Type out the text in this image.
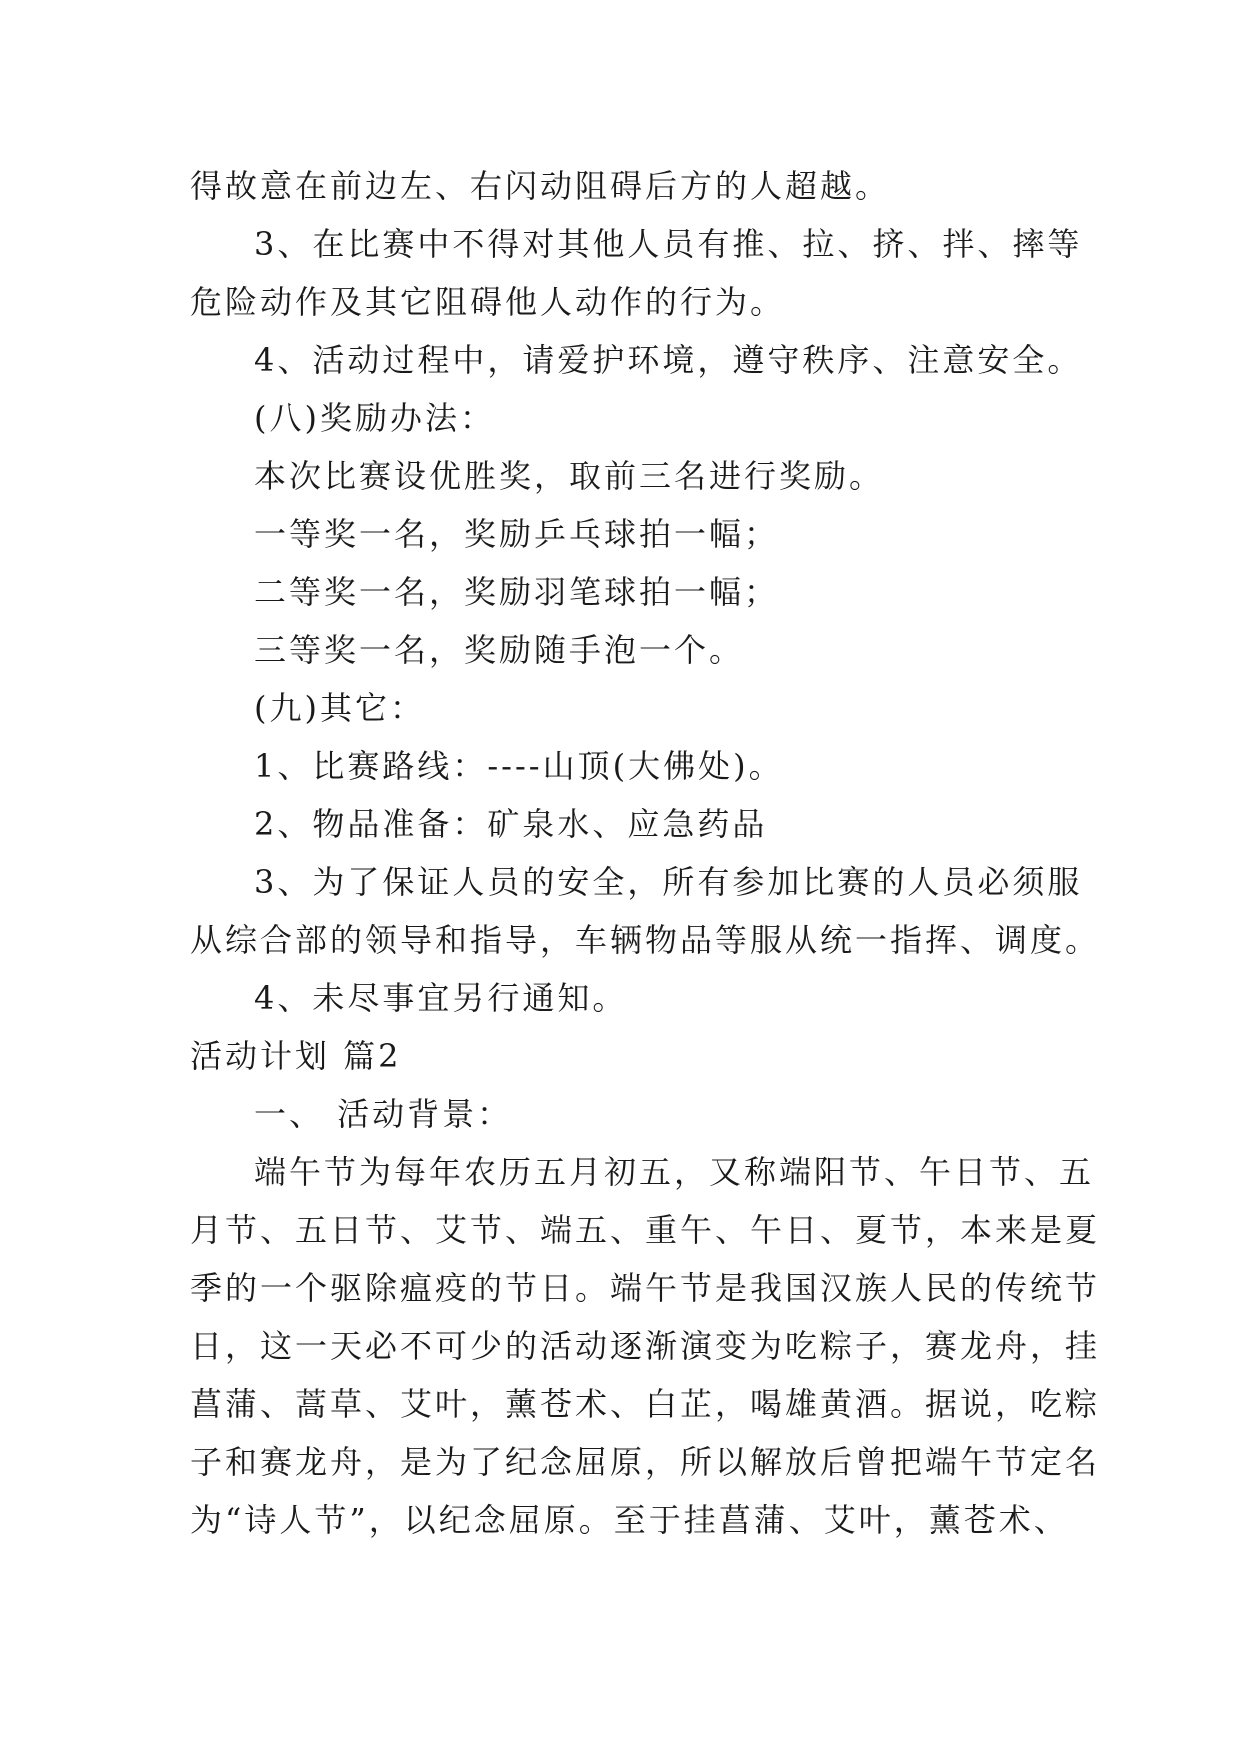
得故意在前边左、右闪动阻碍后方的人超越。
3、在比赛中不得对其他人员有推、拉、挤、拌、摔等
危险动作及其它阻碍他人动作的行为。
4、活动过程中，请爱护环境，遵守秩序、注意安全。
(八)奖励办法：
本次比赛设优胜奖，取前三名进行奖励。
一等奖一名，奖励乒乓球拍一幅；
二等奖一名，奖励羽笔球拍一幅；
三等奖一名，奖励随手泡一个。
(九)其它：
1、比赛路线：----山顶(大佛处)。
2、物品准备：矿泉水、应急药品
3、为了保证人员的安全，所有参加比赛的人员必须服
从综合部的领导和指导，车辆物品等服从统一指挥、调度。
4、未尽事宜另行通知。
活动计划 篇2
一、 活动背景：
端午节为每年农历五月初五，又称端阳节、午日节、五
月节、五日节、艾节、端五、重午、午日、夏节，本来是夏
季的一个驱除瘟疫的节日。端午节是我国汉族人民的传统节
日，这一天必不可少的活动逐渐演变为吃粽子，赛龙舟，挂
菖蒲、蒿草、艾叶，薰苍术、白芷，喝雄黄酒。据说，吃粽
子和赛龙舟，是为了纪念屈原，所以解放后曾把端午节定名
为“诗人节”，以纪念屈原。至于挂菖蒲、艾叶，薰苍术、
